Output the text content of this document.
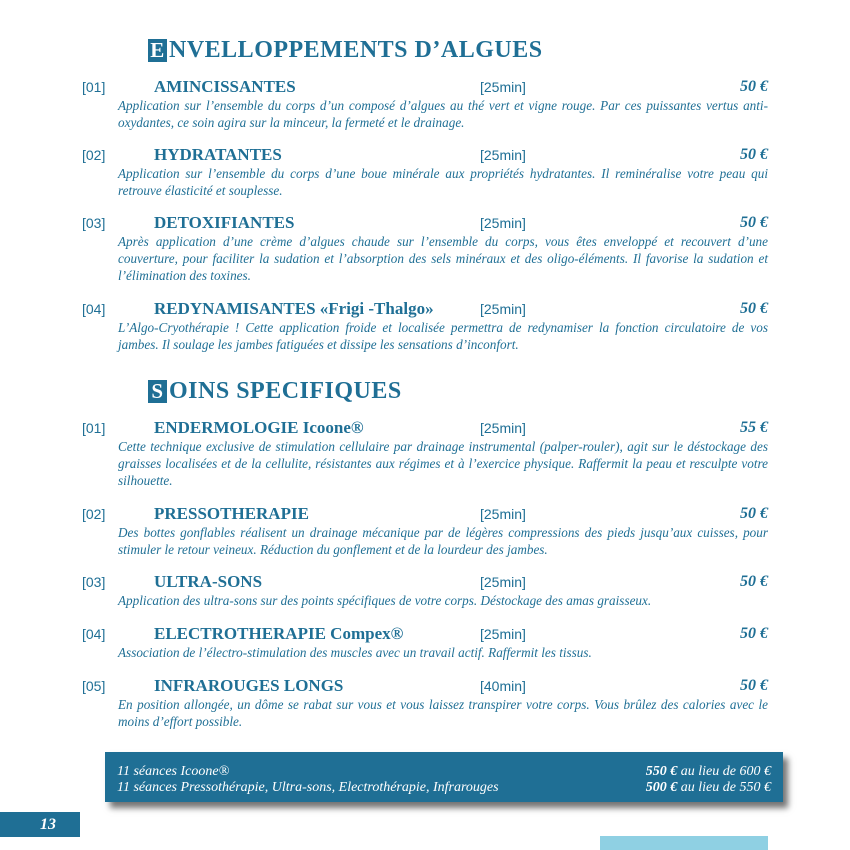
E NVELLOPPEMENTS D’ALGUES
[01]	AMINCISSANTES	[25min]	50 €
Application sur l’ensemble du corps d’un composé d’algues au thé vert et vigne rouge. Par ces puissantes vertus anti-oxydantes, ce soin agira sur la minceur, la fermeté et le drainage.
[02]	HYDRATANTES	[25min]	50 €
Application sur l’ensemble du corps d’une boue minérale aux propriétés hydratantes. Il reminéralise votre peau qui retrouve élasticité et souplesse.
[03]	DETOXIFIANTES	[25min]	50 €
Après application d’une crème d’algues chaude sur l’ensemble du corps, vous êtes enveloppé et recouvert d’une couverture, pour faciliter la sudation et l’absorption des sels minéraux et des oligo-éléments. Il favorise la sudation et l’élimination des toxines.
[04]	REDYNAMISANTES «Frigi -Thalgo»	[25min]	50 €
L’Algo-Cryothérapie ! Cette application froide et localisée permettra de redynamiser la fonction circulatoire de vos jambes. Il soulage les jambes fatiguées et dissipe les sensations d’inconfort.
S OINS SPECIFIQUES
[01]	ENDERMOLOGIE Icoone®	[25min]	55 €
Cette technique exclusive de stimulation cellulaire par drainage instrumental (palper-rouler), agit sur le déstockage des graisses localisées et de la cellulite, résistantes aux régimes et à l’exercice physique. Raffermit la peau et resculpte votre silhouette.
[02]	PRESSOTHERAPIE	[25min]	50 €
Des bottes gonflables réalisent un drainage mécanique par de légères compressions des pieds jusqu’aux cuisses, pour stimuler le retour veineux. Réduction du gonflement et de la lourdeur des jambes.
[03]	ULTRA-SONS	[25min]	50 €
Application des ultra-sons sur des points spécifiques de votre corps. Déstockage des amas graisseux.
[04]	ELECTROTHERAPIE Compex®	[25min]	50 €
Association de l’électro-stimulation des muscles avec un travail actif. Raffermit les tissus.
[05]	INFRAROUGES LONGS	[40min]	50 €
En position allongée, un dôme se rabat sur vous et vous laissez transpirer votre corps. Vous brûlez des calories avec le moins d’effort possible.
11 séances Icoone®	550 € au lieu de 600 €
11 séances Pressothérapie, Ultra-sons, Electrothérapie, Infrarouges	500 € au lieu de 550 €
13
